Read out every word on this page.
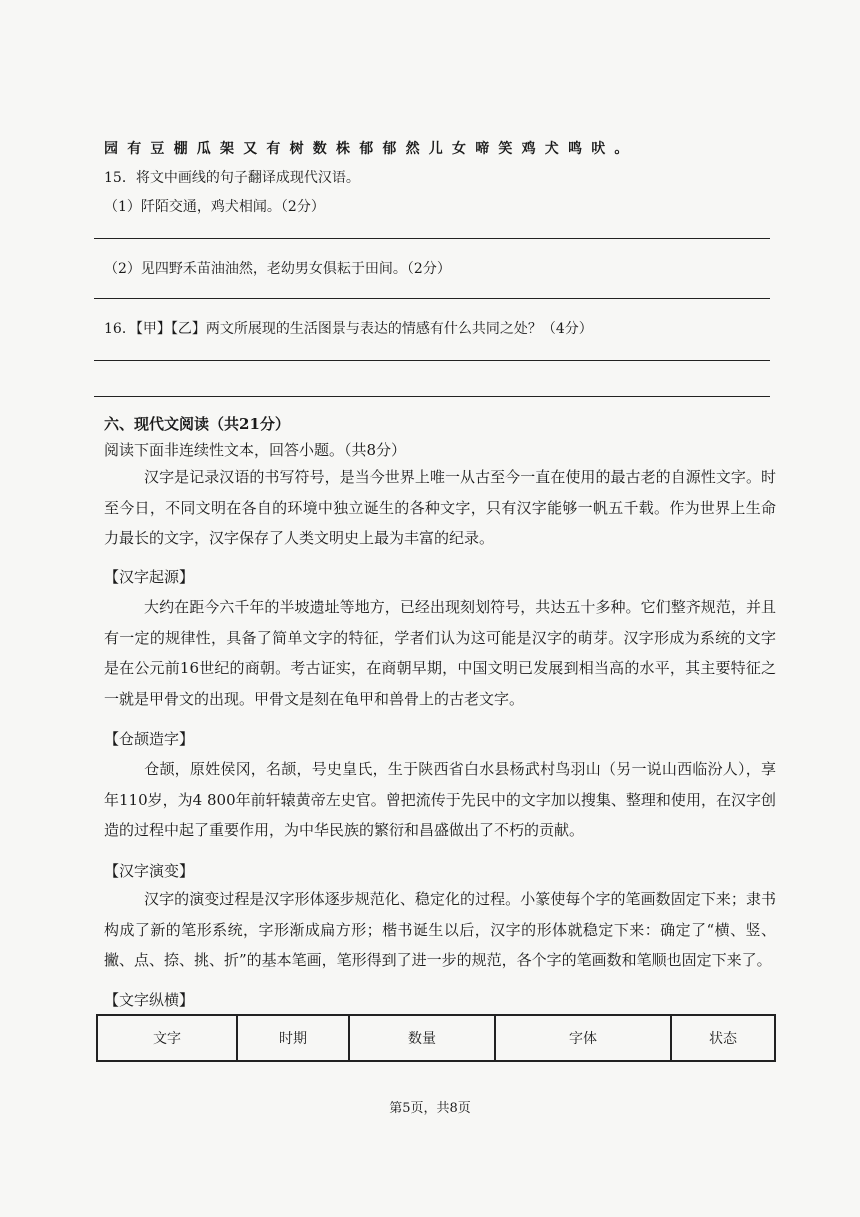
园有豆棚瓜架又有树数株郁郁然儿女啼笑鸡犬鸣吠。
15．将文中画线的句子翻译成现代汉语。
（1）阡陌交通，鸡犬相闻。（2分）
（2）见四野禾苗油油然，老幼男女俱耘于田间。（2分）
16．【甲】【乙】两文所展现的生活图景与表达的情感有什么共同之处？（4分）
六、现代文阅读（共21分）
阅读下面非连续性文本，回答小题。（共8分）

汉字是记录汉语的书写符号，是当今世界上唯一从古至今一直在使用的最古老的自源性文字。时至今日，不同文明在各自的环境中独立诞生的各种文字，只有汉字能够一帆五千载。作为世界上生命力最长的文字，汉字保存了人类文明史上最为丰富的纪录。

【汉字起源】

大约在距今六千年的半坡遗址等地方，已经出现刻划符号，共达五十多种。它们整齐规范，并且有一定的规律性，具备了简单文字的特征，学者们认为这可能是汉字的萌芽。汉字形成为系统的文字是在公元前16世纪的商朝。考古证实，在商朝早期，中国文明已发展到相当高的水平，其主要特征之一就是甲骨文的出现。甲骨文是刻在龟甲和兽骨上的古老文字。

【仓颉造字】

仓颉，原姓侯冈，名颉，号史皇氏，生于陕西省白水县杨武村鸟羽山（另一说山西临汾人），享年110岁，为4 800年前轩辕黄帝左史官。曾把流传于先民中的文字加以搜集、整理和使用，在汉字创造的过程中起了重要作用，为中华民族的繁衍和昌盛做出了不朽的贡献。

【汉字演变】

汉字的演变过程是汉字形体逐步规范化、稳定化的过程。小篆使每个字的笔画数固定下来；隶书构成了新的笔形系统，字形渐成扁方形；楷书诞生以后，汉字的形体就稳定下来：确定了“横、竖、撇、点、捺、挑、折”的基本笔画，笔形得到了进一步的规范，各个字的笔画数和笔顺也固定下来了。

【文字纵横】
文字	时期	数量	字体	状态
第5页，共8页
